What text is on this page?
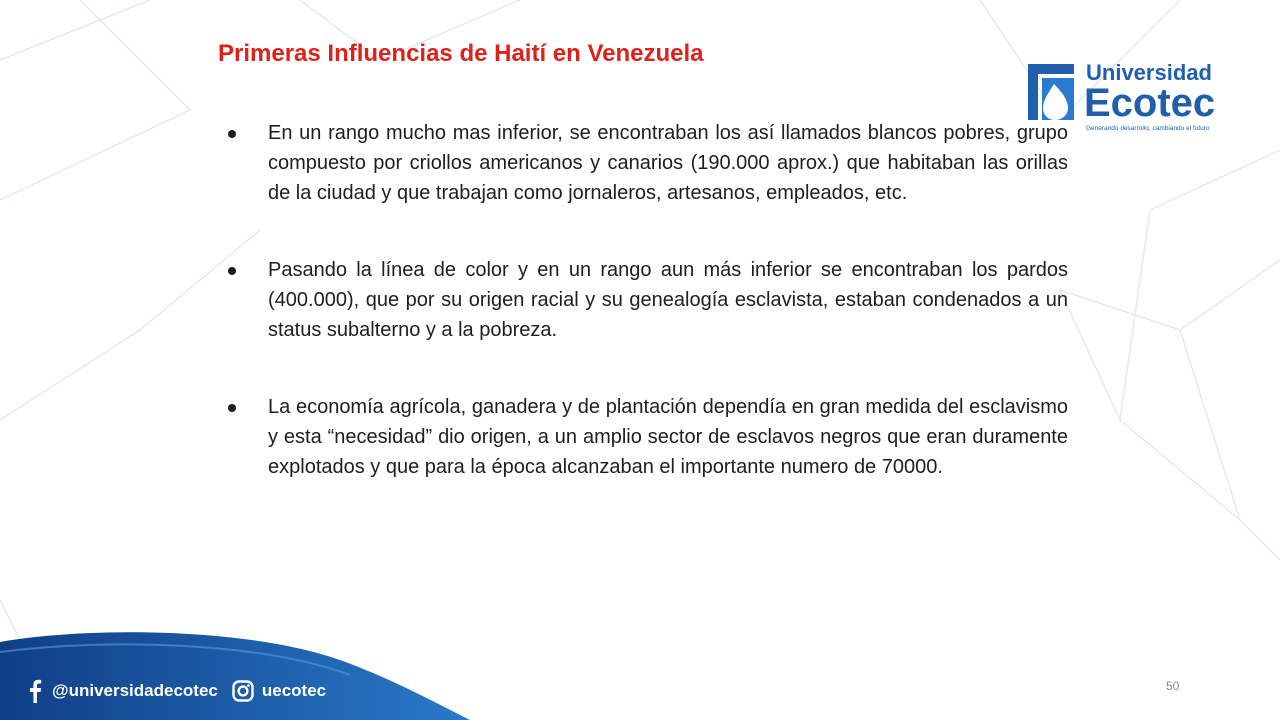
Primeras Influencias de Haití en Venezuela
Universidad
Ecotec
Generando desarrollo, cambiando el futuro
En un rango mucho mas inferior, se encontraban los así llamados blancos pobres, grupo compuesto por criollos americanos y canarios (190.000 aprox.) que habitaban las orillas de la ciudad y que trabajan como jornaleros, artesanos, empleados, etc.
Pasando la línea de color y en un rango aun más inferior se encontraban los pardos (400.000), que por su origen racial y su genealogía esclavista, estaban condenados a un status subalterno y a la pobreza.
La economía agrícola, ganadera y de plantación dependía en gran medida del esclavismo y esta “necesidad” dio origen, a un amplio sector de esclavos negros que eran duramente explotados y que para la época alcanzaban el importante numero de 70000.
@universidadecotec	uecotec	50
